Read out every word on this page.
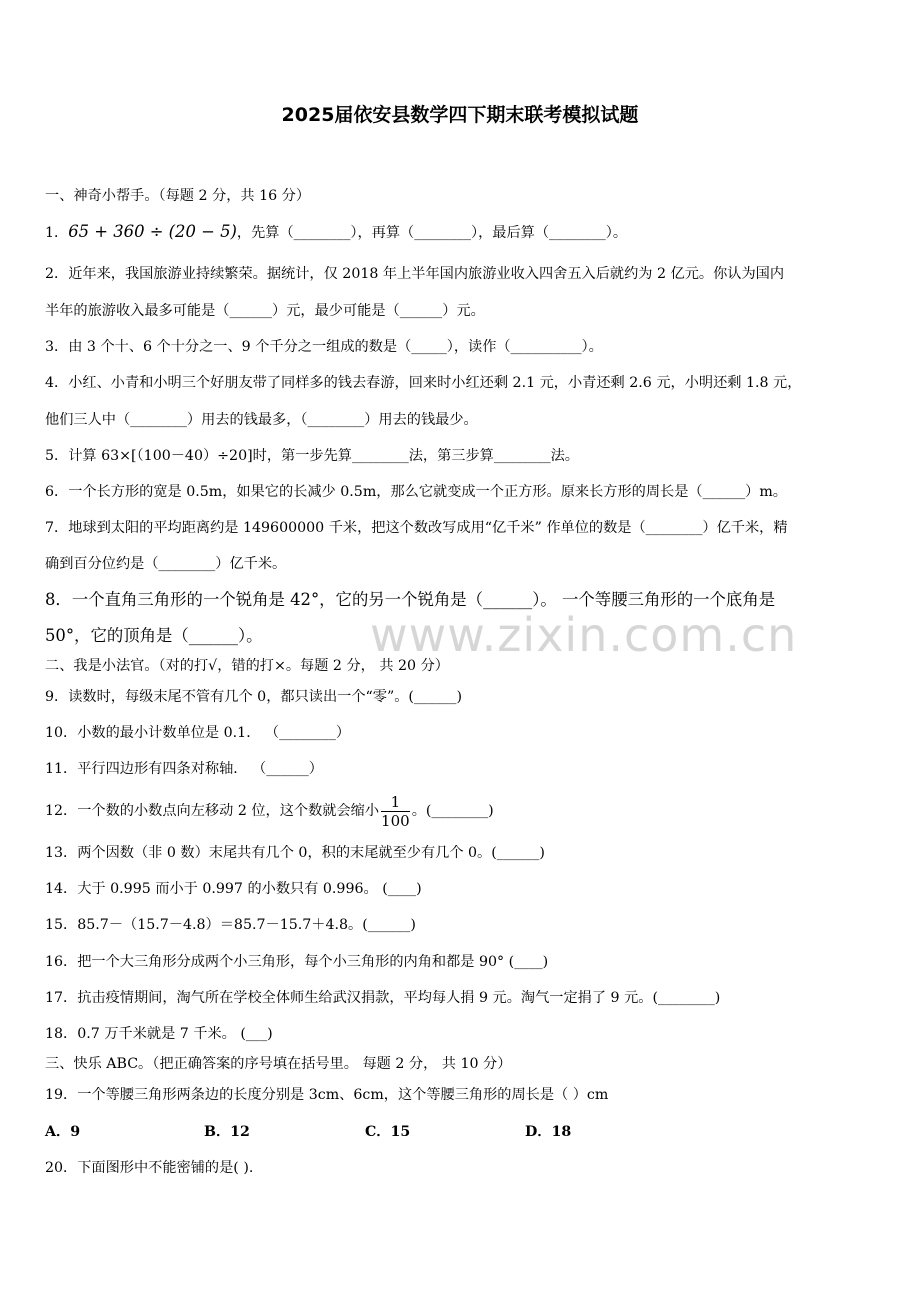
2025届依安县数学四下期末联考模拟试题
一、神奇小帮手。（每题 2 分，共 16 分）
1．65 + 360 ÷ (20 − 5)，先算（________），再算（________），最后算（________）。
2．近年来，我国旅游业持续繁荣。据统计，仅 2018 年上半年国内旅游业收入四舍五入后就约为 2 亿元。你认为国内
半年的旅游收入最多可能是（______）元，最少可能是（______）元。
3．由 3 个十、6 个十分之一、9 个千分之一组成的数是（_____），读作（__________）。
4．小红、小青和小明三个好朋友带了同样多的钱去春游，回来时小红还剩 2.1 元，小青还剩 2.6 元，小明还剩 1.8 元，
他们三人中（________）用去的钱最多，（________）用去的钱最少。
5．计算 63×[（100－40）÷20]时，第一步先算________法，第三步算________法。
6．一个长方形的宽是 0.5m，如果它的长减少 0.5m，那么它就变成一个正方形。原来长方形的周长是（______）m。
7．地球到太阳的平均距离约是 149600000 千米，把这个数改写成用“亿千米” 作单位的数是（________）亿千米，精
确到百分位约是（________）亿千米。
8．一个直角三角形的一个锐角是 42°，它的另一个锐角是（______）。 一个等腰三角形的一个底角是
50°，它的顶角是（______）。 www.zixin.com.cn
二、我是小法官。（对的打√，错的打×。每题 2 分， 共 20 分）
9．读数时，每级末尾不管有几个 0，都只读出一个“零”。(______)
10．小数的最小计数单位是 0.1． （________）
11．平行四边形有四条对称轴． （______）
12．一个数的小数点向左移动 2 位，这个数就会缩小 $\frac{1}{100}$ 。(________)
13．两个因数（非 0 数）末尾共有几个 0，积的末尾就至少有几个 0。(______)
14．大于 0.995 而小于 0.997 的小数只有 0.996。 (____)
15．85.7－（15.7－4.8）＝85.7－15.7＋4.8。(______)
16．把一个大三角形分成两个小三角形，每个小三角形的内角和都是 90° (____)
17．抗击疫情期间，淘气所在学校全体师生给武汉捐款，平均每人捐 9 元。淘气一定捐了 9 元。(________)
18．0.7 万千米就是 7 千米。 (___)
三、快乐 ABC。（把正确答案的序号填在括号里。 每题 2 分， 共 10 分）
19．一个等腰三角形两条边的长度分别是 3cm、6cm，这个等腰三角形的周长是（ ）cm
A．9	B．12	C．15	D．18
20．下面图形中不能密铺的是( ).
